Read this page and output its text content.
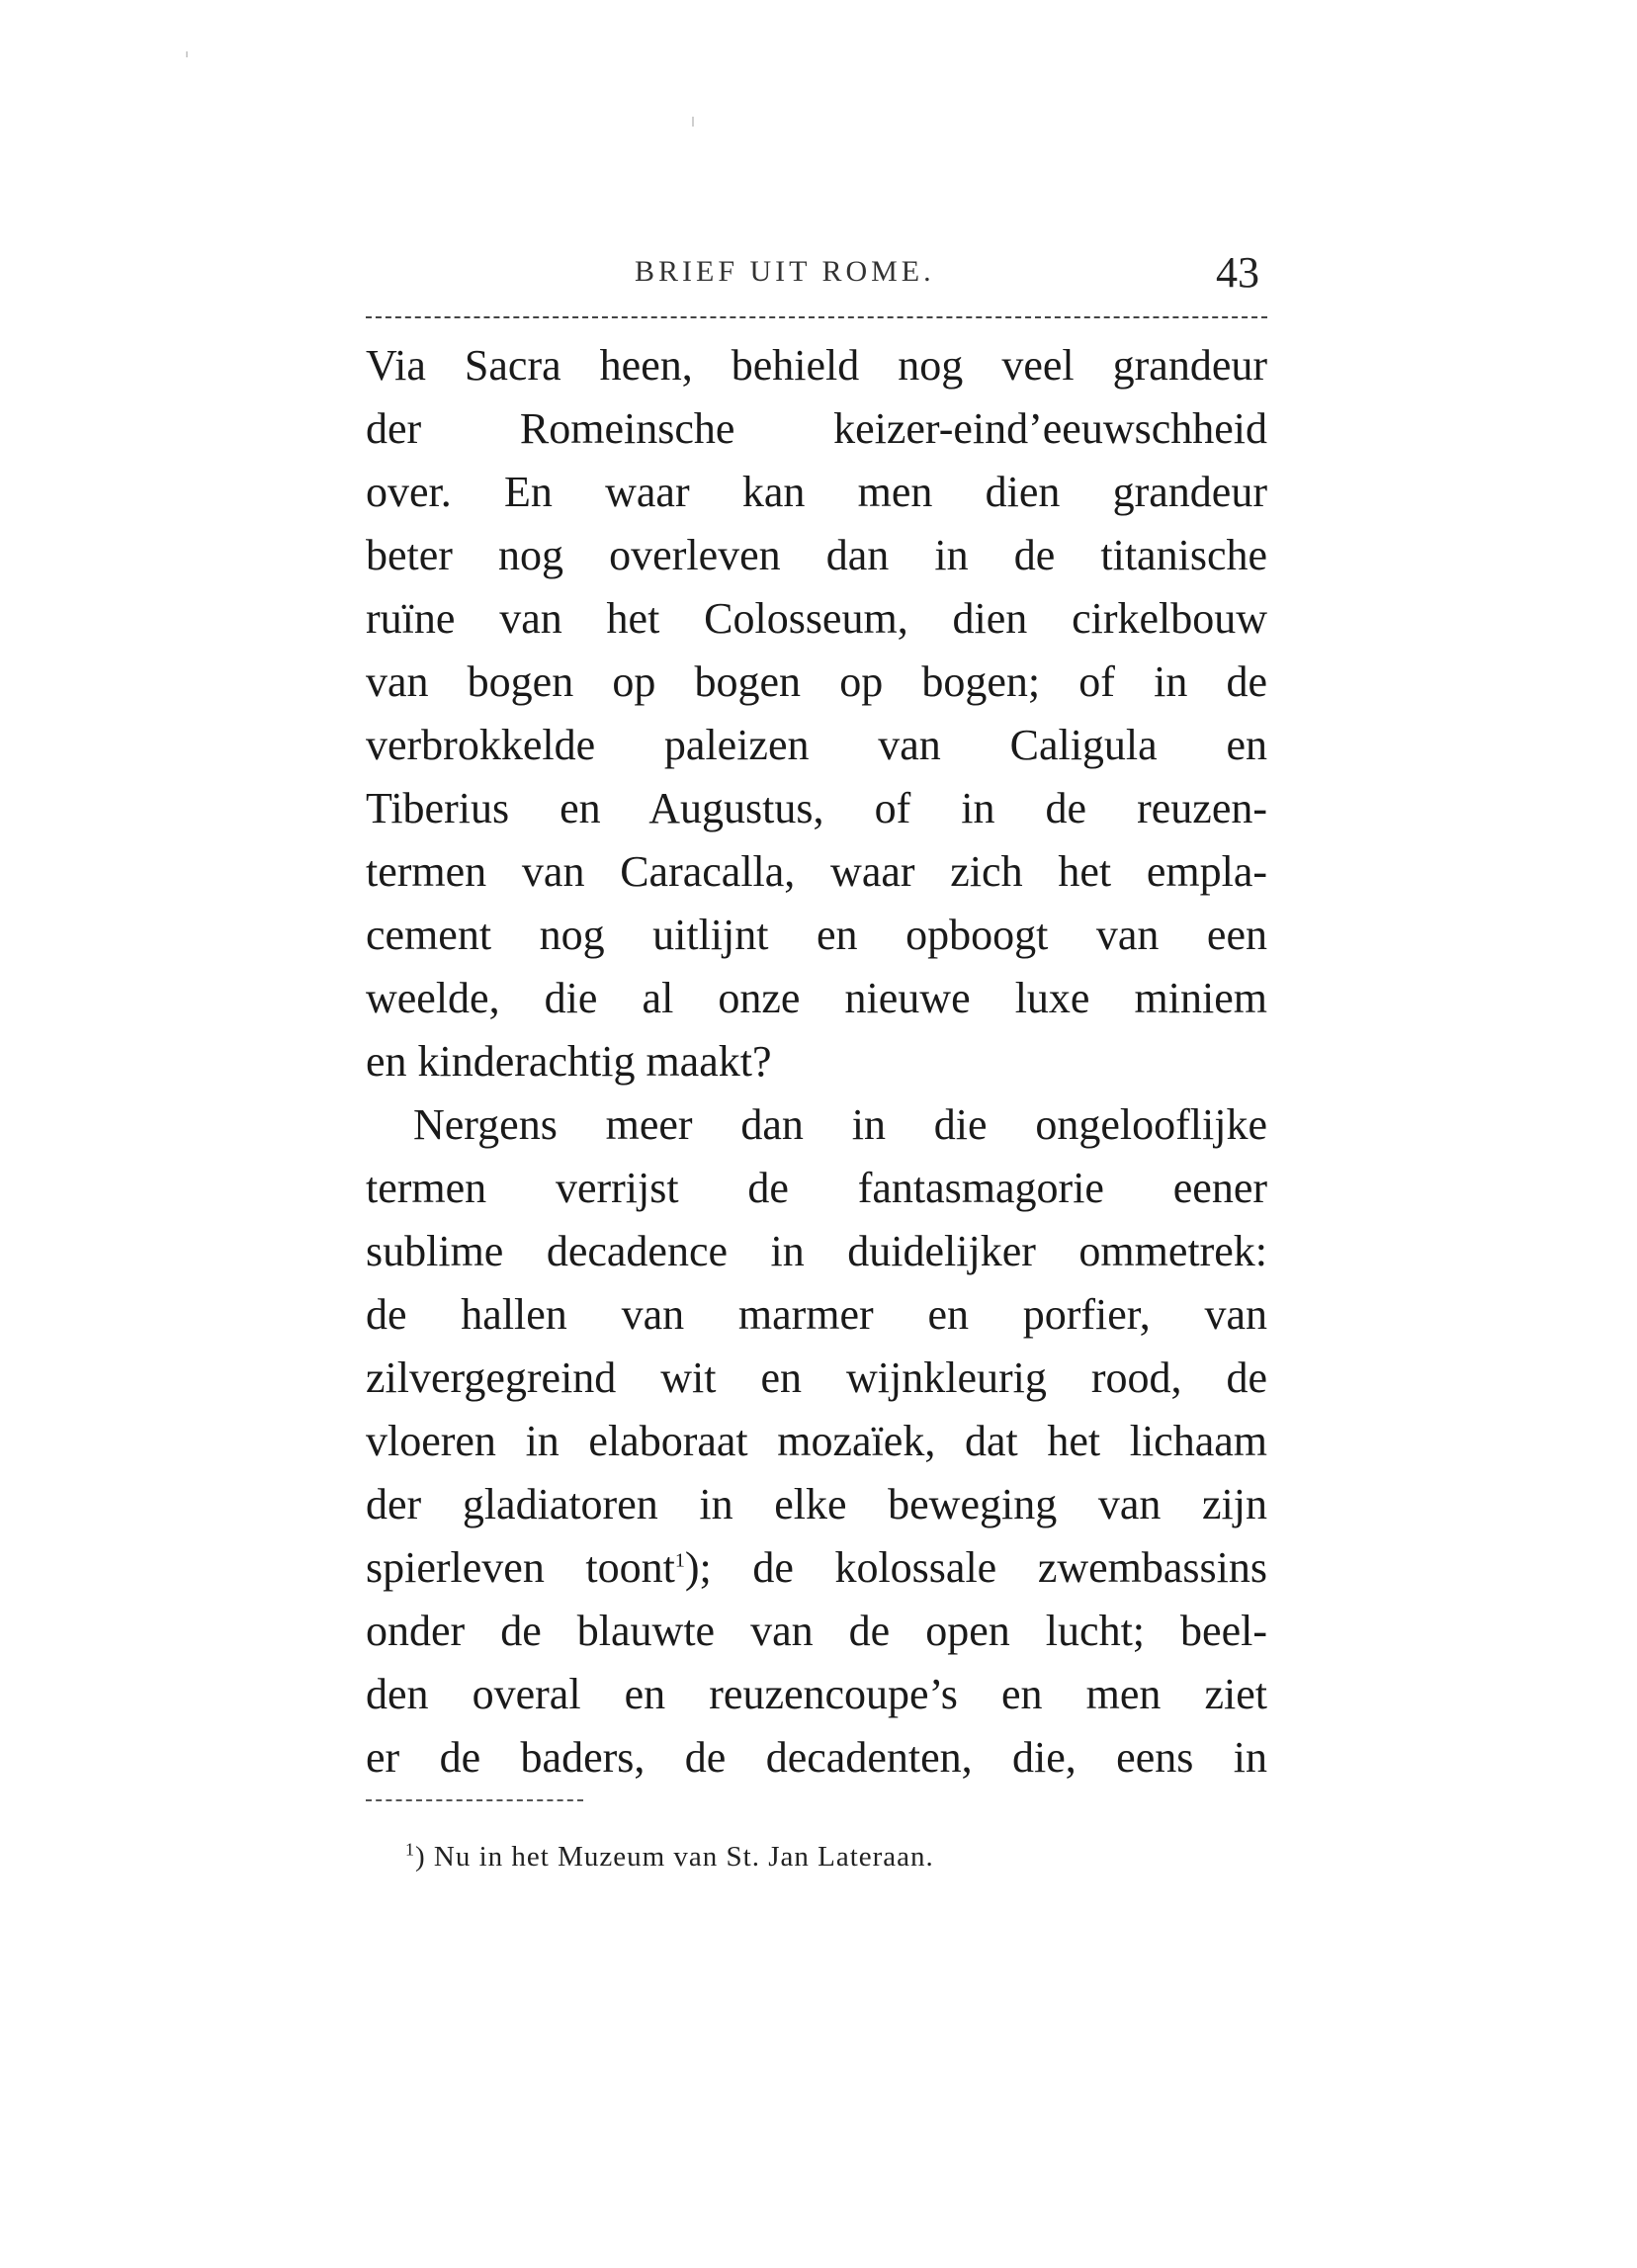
BRIEF UIT ROME.	43
Via Sacra heen, behield nog veel grandeur
der Romeinsche keizer-eind’eeuwschheid
over. En waar kan men dien grandeur
beter nog overleven dan in de titanische
ruïne van het Colosseum, dien cirkelbouw
van bogen op bogen op bogen; of in de
verbrokkelde paleizen van Caligula en
Tiberius en Augustus, of in de reuzen-
termen van Caracalla, waar zich het empla-
cement nog uitlijnt en opboogt van een
weelde, die al onze nieuwe luxe miniem
en kinderachtig maakt?
Nergens meer dan in die ongelooflijke
termen verrijst de fantasmagorie eener
sublime decadence in duidelijker ommetrek:
de hallen van marmer en porfier, van
zilvergegreind wit en wijnkleurig rood, de
vloeren in elaboraat mozaïek, dat het lichaam
der gladiatoren in elke beweging van zijn
spierleven toont$^1$); de kolossale zwembassins
onder de blauwte van de open lucht; beel-
den overal en reuzencoupe’s en men ziet
er de baders, de decadenten, die, eens in
$^1$) Nu in het Muzeum van St. Jan Lateraan.
